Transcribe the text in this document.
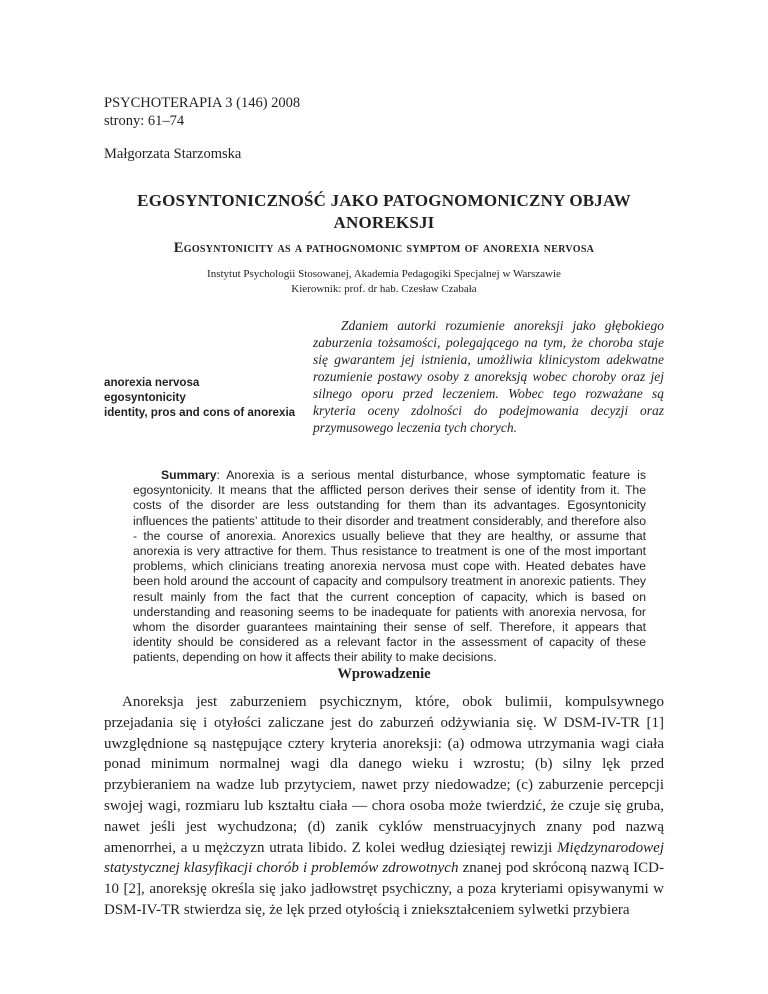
PSYCHOTERAPIA 3 (146) 2008
strony: 61–74
Małgorzata Starzomska
EGOSYNTONICZNOŚĆ JAKO PATOGNOMONICZNY OBJAW
ANOREKSJI
Egosyntonicity as a pathognomonic symptom of anorexia nervosa
Instytut Psychologii Stosowanej, Akademia Pedagogiki Specjalnej w Warszawie
Kierownik: prof. dr hab. Czesław Czabała
anorexia nervosa
egosyntonicity
identity, pros and cons of anorexia
Zdaniem autorki rozumienie anoreksji jako głębokiego zaburzenia tożsamości, polegającego na tym, że choroba staje się gwarantem jej istnienia, umożliwia klinicystom adekwatne rozumienie postawy osoby z anoreksją wobec choroby oraz jej silnego oporu przed leczeniem. Wobec tego rozważane są kryteria oceny zdolności do podejmowania decyzji oraz przymusowego leczenia tych chorych.
Summary: Anorexia is a serious mental disturbance, whose symptomatic feature is egosyntonicity. It means that the afflicted person derives their sense of identity from it. The costs of the disorder are less outstanding for them than its advantages. Egosyntonicity influences the patients’ attitude to their disorder and treatment considerably, and therefore also - the course of anorexia. Anorexics usually believe that they are healthy, or assume that anorexia is very attractive for them. Thus resistance to treatment is one of the most important problems, which clinicians treating anorexia nervosa must cope with. Heated debates have been hold around the account of capacity and compulsory treatment in anorexic patients. They result mainly from the fact that the current conception of capacity, which is based on understanding and reasoning seems to be inadequate for patients with anorexia nervosa, for whom the disorder guarantees maintaining their sense of self. Therefore, it appears that identity should be considered as a relevant factor in the assessment of capacity of these patients, depending on how it affects their ability to make decisions.
Wprowadzenie
Anoreksja jest zaburzeniem psychicznym, które, obok bulimii, kompulsywnego przejadania się i otyłości zaliczane jest do zaburzeń odżywiania się. W DSM-IV-TR [1] uwzględnione są następujące cztery kryteria anoreksji: (a) odmowa utrzymania wagi ciała ponad minimum normalnej wagi dla danego wieku i wzrostu; (b) silny lęk przed przybieraniem na wadze lub przytyciem, nawet przy niedowadze; (c) zaburzenie percepcji swojej wagi, rozmiaru lub kształtu ciała — chora osoba może twierdzić, że czuje się gruba, nawet jeśli jest wychudzona; (d) zanik cyklów menstruacyjnych znany pod nazwą amenorrhei, a u mężczyzn utrata libido. Z kolei według dziesiątej rewizji Międzynarodowej statystycznej klasyfikacji chorób i problemów zdrowotnych znanej pod skróconą nazwą ICD-10 [2], anoreksję określa się jako jadłowstręt psychiczny, a poza kryteriami opisywanymi w DSM-IV-TR stwierdza się, że lęk przed otyłością i zniekształceniem sylwetki przybiera
